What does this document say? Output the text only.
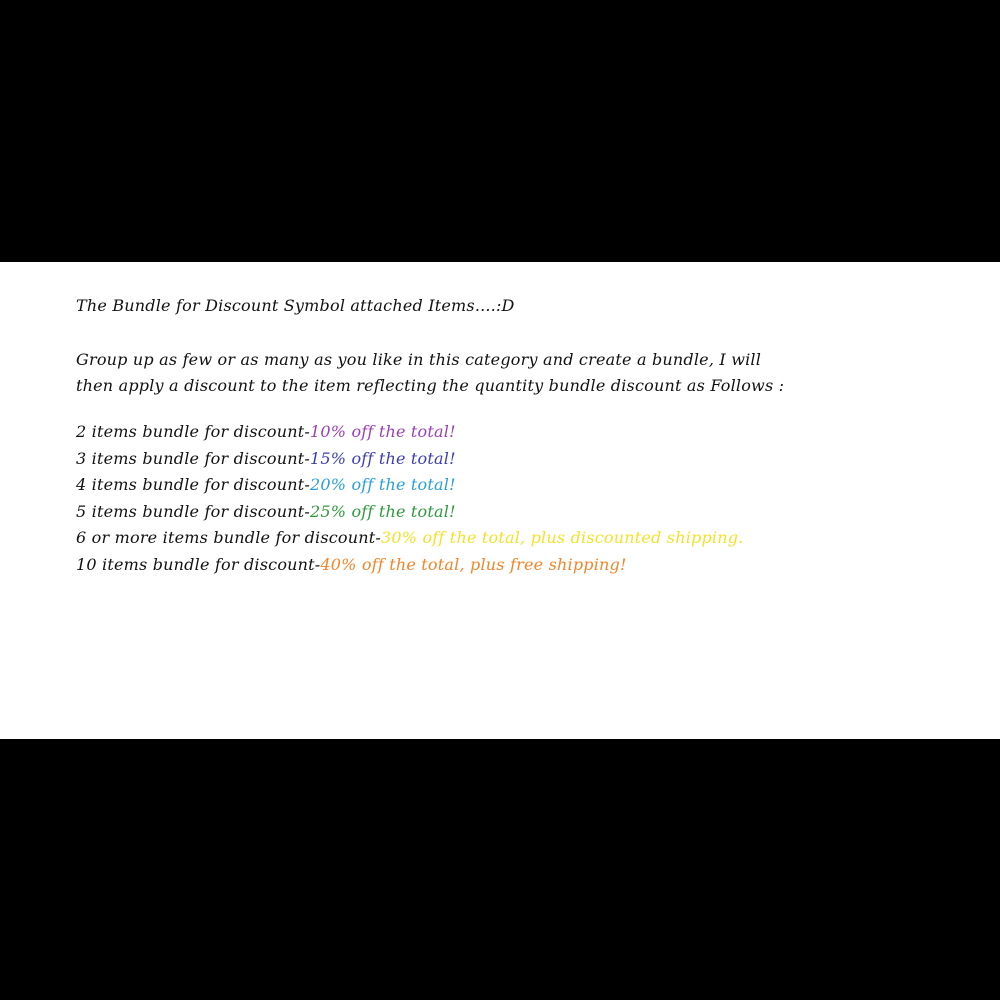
The Bundle for Discount Symbol attached Items....:D
Group up as few or as many as you like in this category and create a bundle, I will
then apply a discount to the item reflecting the quantity bundle discount as Follows :
2 items bundle for discount-10% off the total!
3 items bundle for discount-15% off the total!
4 items bundle for discount-20% off the total!
5 items bundle for discount-25% off the total!
6 or more items bundle for discount-30% off the total, plus discounted shipping.
10 items bundle for discount-40% off the total, plus free shipping!
